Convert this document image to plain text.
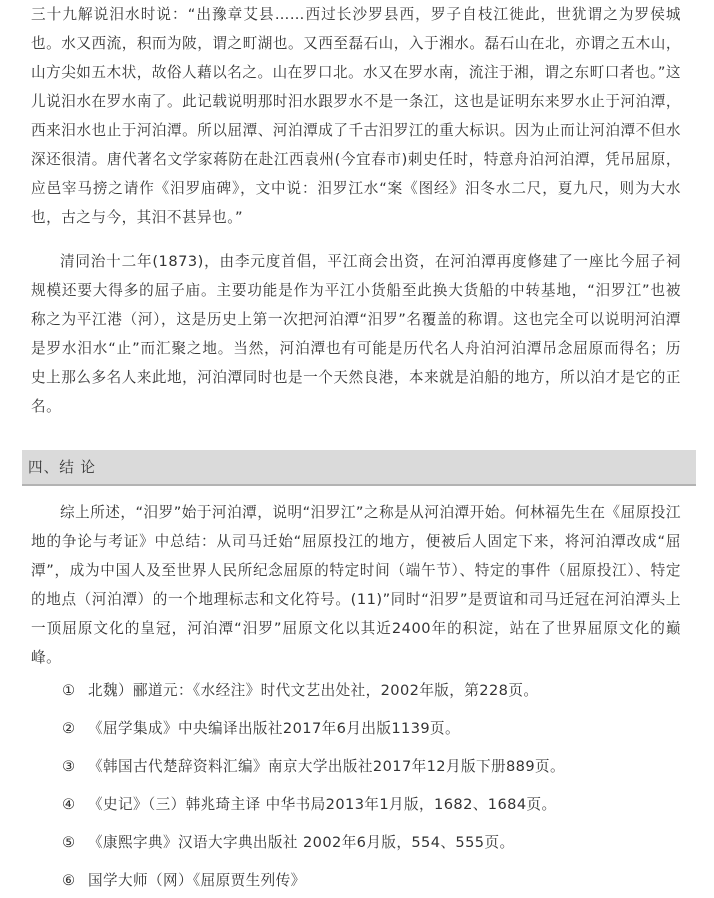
三十九解说汨水时说：“出豫章艾县……西过长沙罗县西，罗子自枝江徙此，世犹谓之为罗侯城也。水又西流，积而为陂，谓之町湖也。又西至磊石山，入于湘水。磊石山在北，亦谓之五木山，山方尖如五木状，故俗人藉以名之。山在罗口北。水又在罗水南，流注于湘，谓之东町口者也。”这儿说汨水在罗水南了。此记载说明那时汨水跟罗水不是一条江，这也是证明东来罗水止于河泊潭，西来汨水也止于河泊潭。所以屈潭、河泊潭成了千古汨罗江的重大标识。因为止而让河泊潭不但水深还很清。唐代著名文学家蒋防在赴江西袁州(今宜春市)刺史任时，特意舟泊河泊潭，凭吊屈原，应邑宰马搒之请作《汨罗庙碑》，文中说：汨罗江水“案《图经》汨冬水二尺，夏九尺，则为大水也，古之与今，其汨不甚异也。”

清同治十二年(1873)，由李元度首倡，平江商会出资，在河泊潭再度修建了一座比今屈子祠规模还要大得多的屈子庙。主要功能是作为平江小货船至此换大货船的中转基地，“汨罗江”也被称之为平江港（河），这是历史上第一次把河泊潭“汨罗”名覆盖的称谓。这也完全可以说明河泊潭是罗水汨水“止”而汇聚之地。当然，河泊潭也有可能是历代名人舟泊河泊潭吊念屈原而得名；历史上那么多名人来此地，河泊潭同时也是一个天然良港，本来就是泊船的地方，所以泊才是它的正名。

四、结 论

综上所述，“汨罗”始于河泊潭，说明“汨罗江”之称是从河泊潭开始。何林福先生在《屈原投江地的争论与考证》中总结：从司马迁始“屈原投江的地方，便被后人固定下来，将河泊潭改成“屈潭”，成为中国人及至世界人民所纪念屈原的特定时间（端午节）、特定的事件（屈原投江）、特定的地点（河泊潭）的一个地理标志和文化符号。(11)”同时“汨罗”是贾谊和司马迁冠在河泊潭头上一顶屈原文化的皇冠，河泊潭“汨罗”屈原文化以其近2400年的积淀，站在了世界屈原文化的巅峰。

① 北魏）郦道元：《水经注》时代文艺出处社，2002年版，第228页。
② 《屈学集成》中央编译出版社2017年6月出版1139页。
③ 《韩国古代楚辞资料汇编》南京大学出版社2017年12月版下册889页。
④ 《史记》（三）韩兆琦主译 中华书局2013年1月版，1682、1684页。
⑤ 《康熙字典》汉语大字典出版社 2002年6月版，554、555页。
⑥ 国学大师（网）《屈原贾生列传》
